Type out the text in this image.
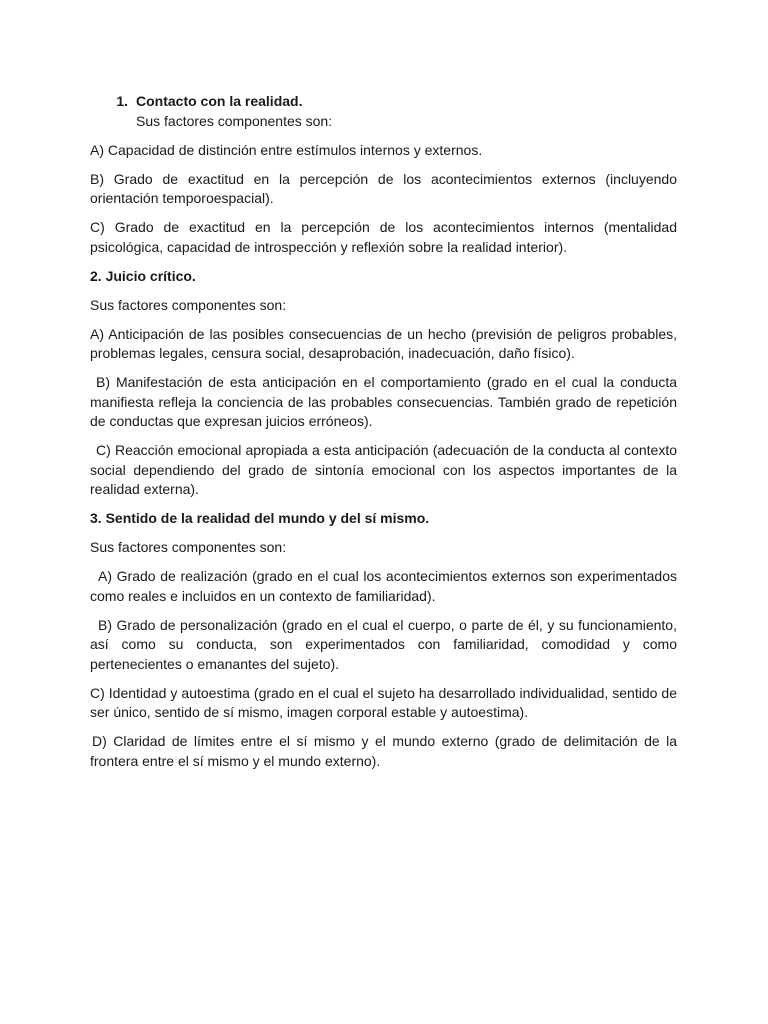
1. Contacto con la realidad.
Sus factores componentes son:

A) Capacidad de distinción entre estímulos internos y externos.

B) Grado de exactitud en la percepción de los acontecimientos externos (incluyendo orientación temporoespacial).

C) Grado de exactitud en la percepción de los acontecimientos internos (mentalidad psicológica, capacidad de introspección y reflexión sobre la realidad interior).

2. Juicio crítico.

Sus factores componentes son:

A) Anticipación de las posibles consecuencias de un hecho (previsión de peligros probables, problemas legales, censura social, desaprobación, inadecuación, daño físico).

B) Manifestación de esta anticipación en el comportamiento (grado en el cual la conducta manifiesta refleja la conciencia de las probables consecuencias. También grado de repetición de conductas que expresan juicios erróneos).

C) Reacción emocional apropiada a esta anticipación (adecuación de la conducta al contexto social dependiendo del grado de sintonía emocional con los aspectos importantes de la realidad externa).

3. Sentido de la realidad del mundo y del sí mismo.

Sus factores componentes son:

A) Grado de realización (grado en el cual los acontecimientos externos son experimentados como reales e incluidos en un contexto de familiaridad).

B) Grado de personalización (grado en el cual el cuerpo, o parte de él, y su funcionamiento, así como su conducta, son experimentados con familiaridad, comodidad y como pertenecientes o emanantes del sujeto).

C) Identidad y autoestima (grado en el cual el sujeto ha desarrollado individualidad, sentido de ser único, sentido de sí mismo, imagen corporal estable y autoestima).

D) Claridad de límites entre el sí mismo y el mundo externo (grado de delimitación de la frontera entre el sí mismo y el mundo externo).
